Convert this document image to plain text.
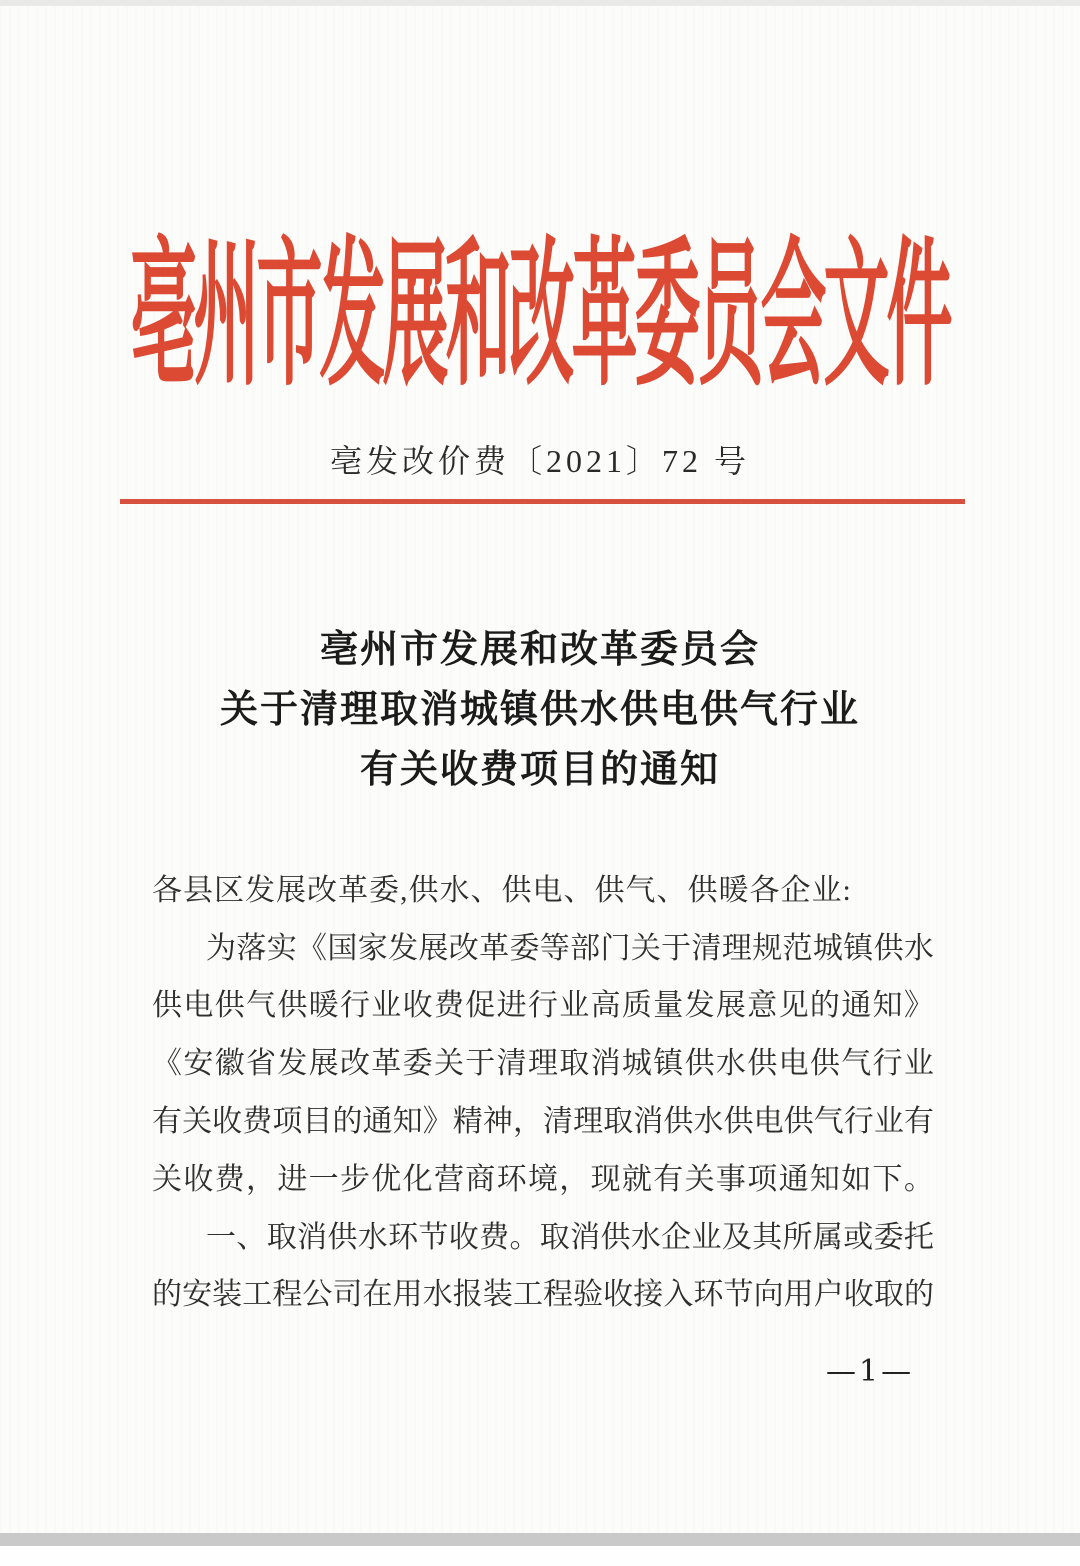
亳州市发展和改革委员会文件
亳发改价费〔2021〕72 号
亳州市发展和改革委员会
关于清理取消城镇供水供电供气行业
有关收费项目的通知
各县区发展改革委,供水、供电、供气、供暖各企业:
为 落 实 《 国 家 发 展 改 革 委 等 部 门 关 于 清 理 规 范 城 镇 供 水
供 电 供 气 供 暖 行 业 收 费 促 进 行 业 高 质 量 发 展 意 见 的 通 知 》
《 安 徽 省 发 展 改 革 委 关 于 清 理 取 消 城 镇 供 水 供 电 供 气 行 业
有 关 收 费 项 目 的 通 知 》 精 神 ， 清 理 取 消 供 水 供 电 供 气 行 业 有
关 收 费 ， 进 一 步 优 化 营 商 环 境 ， 现 就 有 关 事 项 通 知 如 下 。
一 、 取 消 供 水 环 节 收 费 。 取 消 供 水 企 业 及 其 所 属 或 委 托
的 安 装 工 程 公 司 在 用 水 报 装 工 程 验 收 接 入 环 节 向 用 户 收 取 的
—1—
